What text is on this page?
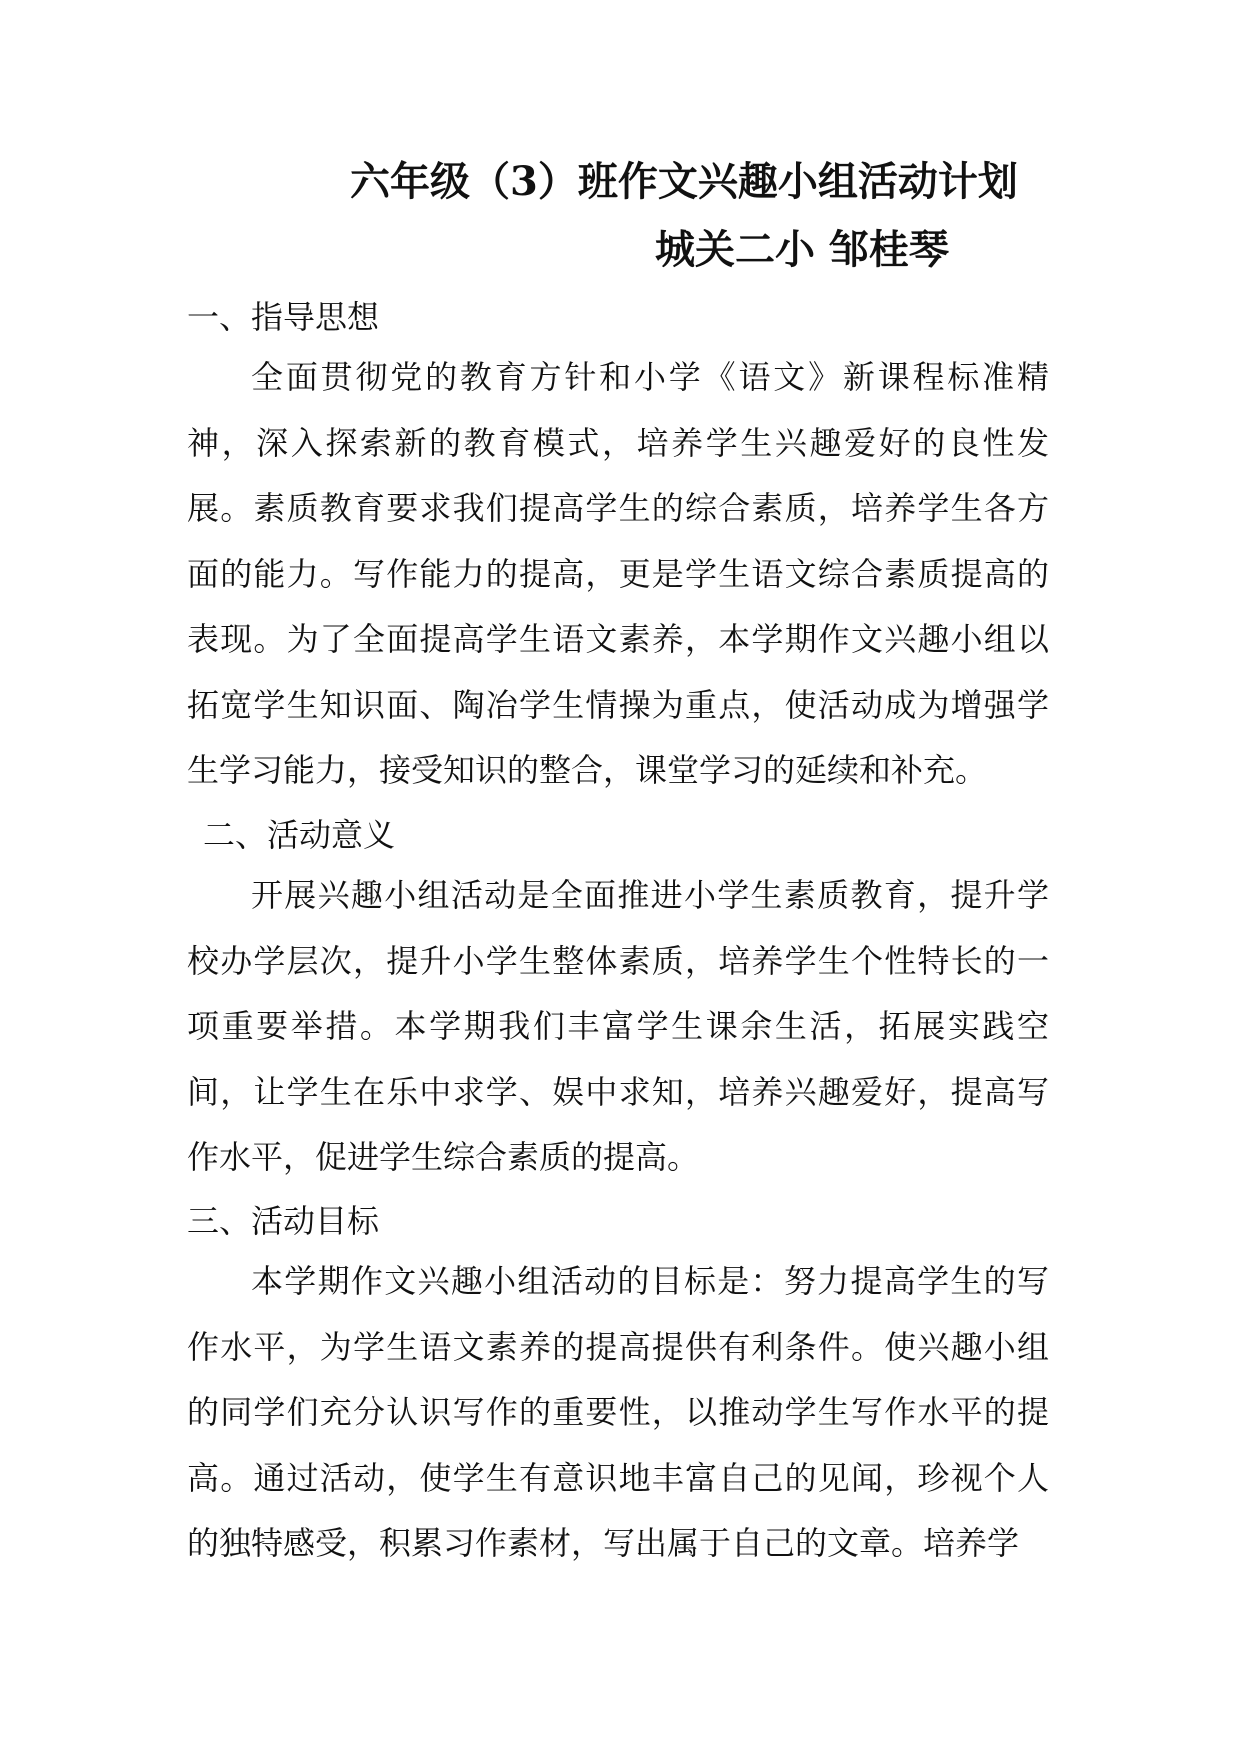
六年级（3）班作文兴趣小组活动计划
城关二小 邹桂琴
一、指导思想

全面贯彻党的教育方针和小学《语文》新课程标准精神，深入探索新的教育模式，培养学生兴趣爱好的良性发展。素质教育要求我们提高学生的综合素质，培养学生各方面的能力。写作能力的提高，更是学生语文综合素质提高的表现。为了全面提高学生语文素养，本学期作文兴趣小组以拓宽学生知识面、陶冶学生情操为重点，使活动成为增强学生学习能力，接受知识的整合，课堂学习的延续和补充。

二、活动意义

开展兴趣小组活动是全面推进小学生素质教育，提升学校办学层次，提升小学生整体素质，培养学生个性特长的一项重要举措。本学期我们丰富学生课余生活，拓展实践空间，让学生在乐中求学、娱中求知，培养兴趣爱好，提高写作水平，促进学生综合素质的提高。

三、活动目标

本学期作文兴趣小组活动的目标是：努力提高学生的写作水平，为学生语文素养的提高提供有利条件。使兴趣小组的同学们充分认识写作的重要性，以推动学生写作水平的提高。通过活动，使学生有意识地丰富自己的见闻，珍视个人的独特感受，积累习作素材，写出属于自己的文章。培养学
